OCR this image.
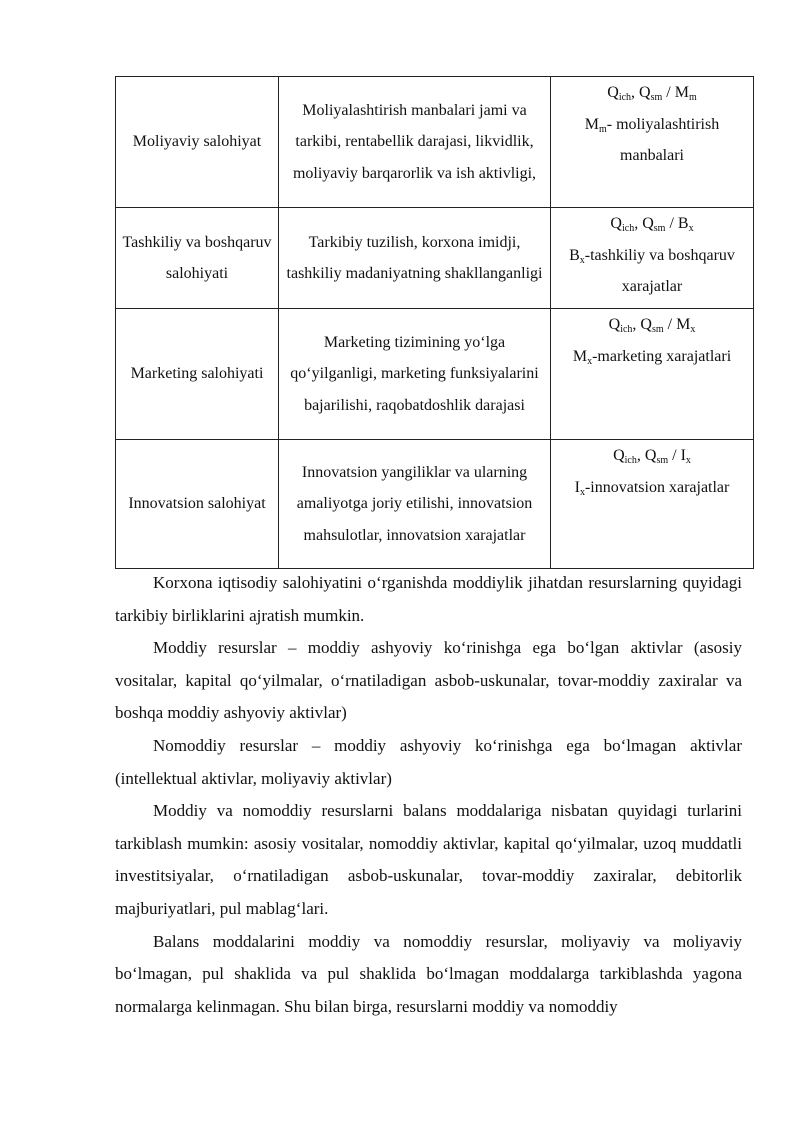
Moliyaviy salohiyat	Moliyalashtirish manbalari jami va tarkibi, rentabellik darajasi, likvidlik, moliyaviy barqarorlik va ish aktivligi,	$Q_{ich}$, $Q_{sm} / M_m$
$M_m-$ moliyalashtirish manbalari
Tashkiliy va boshqaruv salohiyati	Tarkibiy tuzilish, korxona imidji, tashkiliy madaniyatning shakllanganligi	$Q_{ich}$, $Q_{sm} / B_x$
$B_x$-tashkiliy va boshqaruv xarajatlar
Marketing salohiyati	Marketing tizimining yo‘lga qo‘yilganligi, marketing funksiyalarini bajarilishi, raqobatdoshlik darajasi	$Q_{ich}$, $Q_{sm} / M_x$
$M_x$-marketing xarajatlari
Innovatsion salohiyat	Innovatsion yangiliklar va ularning amaliyotga joriy etilishi, innovatsion mahsulotlar, innovatsion xarajatlar	$Q_{ich}$, $Q_{sm} / I_x$
$I_x$-innovatsion xarajatlar

Korxona iqtisodiy salohiyatini o‘rganishda moddiylik jihatdan resurslarning quyidagi tarkibiy birliklarini ajratish mumkin.

Moddiy resurslar – moddiy ashyoviy ko‘rinishga ega bo‘lgan aktivlar (asosiy vositalar, kapital qo‘yilmalar, o‘rnatiladigan asbob-uskunalar, tovar-moddiy zaxiralar va boshqa moddiy ashyoviy aktivlar)

Nomoddiy resurslar – moddiy ashyoviy ko‘rinishga ega bo‘lmagan aktivlar (intellektual aktivlar, moliyaviy aktivlar)

Moddiy va nomoddiy resurslarni balans moddalariga nisbatan quyidagi turlarini tarkiblash mumkin: asosiy vositalar, nomoddiy aktivlar, kapital qo‘yilmalar, uzoq muddatli investitsiyalar, o‘rnatiladigan asbob-uskunalar, tovar-moddiy zaxiralar, debitorlik majburiyatlari, pul mablag‘lari.

Balans moddalarini moddiy va nomoddiy resurslar, moliyaviy va moliyaviy bo‘lmagan, pul shaklida va pul shaklida bo‘lmagan moddalarga tarkiblashda yagona normalarga kelinmagan. Shu bilan birga, resurslarni moddiy va nomoddiy
